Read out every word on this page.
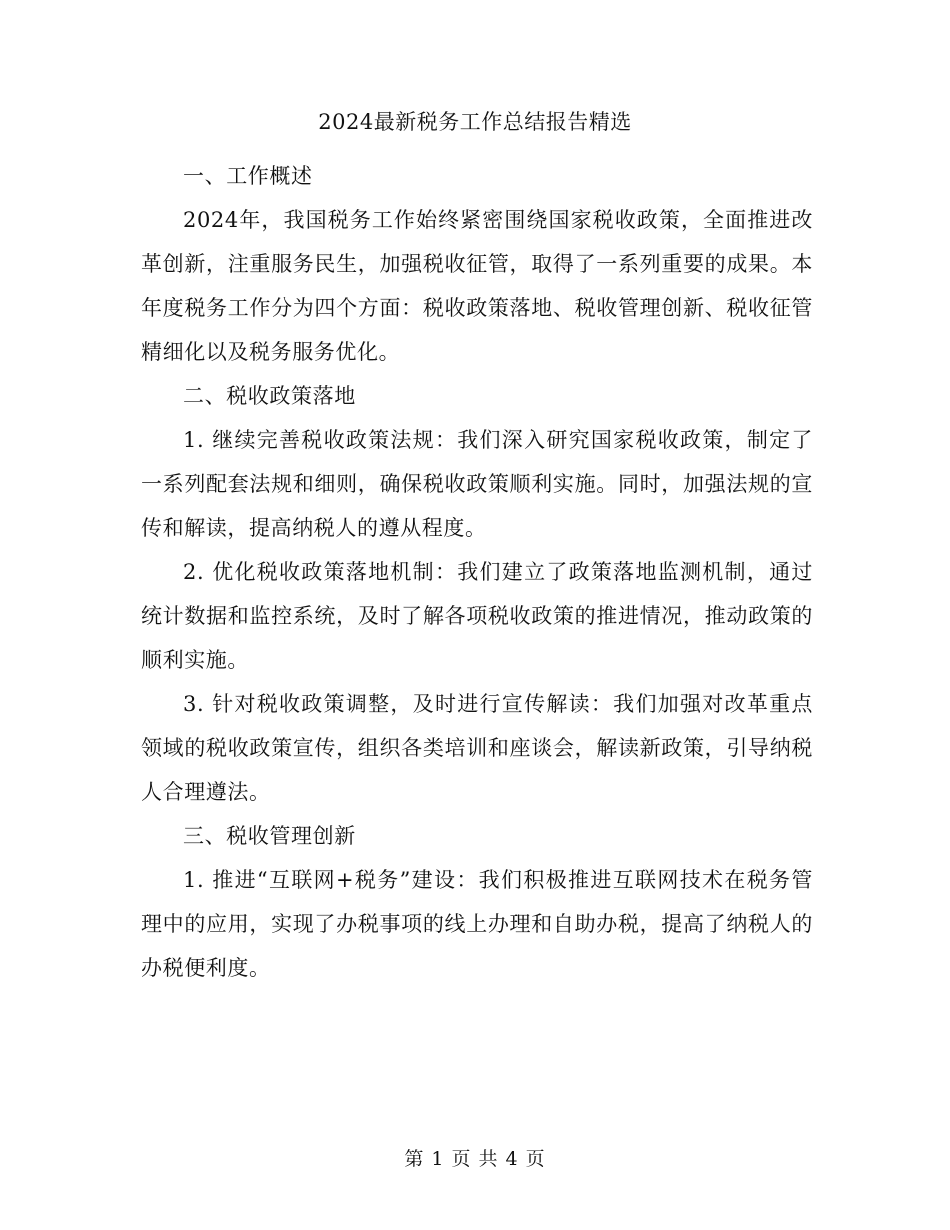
2024最新税务工作总结报告精选

一、工作概述

2024年，我国税务工作始终紧密围绕国家税收政策，全面推进改革创新，注重服务民生，加强税收征管，取得了一系列重要的成果。本年度税务工作分为四个方面：税收政策落地、税收管理创新、税收征管精细化以及税务服务优化。

二、税收政策落地

1. 继续完善税收政策法规：我们深入研究国家税收政策，制定了一系列配套法规和细则，确保税收政策顺利实施。同时，加强法规的宣传和解读，提高纳税人的遵从程度。

2. 优化税收政策落地机制：我们建立了政策落地监测机制，通过统计数据和监控系统，及时了解各项税收政策的推进情况，推动政策的顺利实施。

3. 针对税收政策调整，及时进行宣传解读：我们加强对改革重点领域的税收政策宣传，组织各类培训和座谈会，解读新政策，引导纳税人合理遵法。

三、税收管理创新

1. 推进“互联网+税务”建设：我们积极推进互联网技术在税务管理中的应用，实现了办税事项的线上办理和自助办税，提高了纳税人的办税便利度。

第 1 页 共 4 页
